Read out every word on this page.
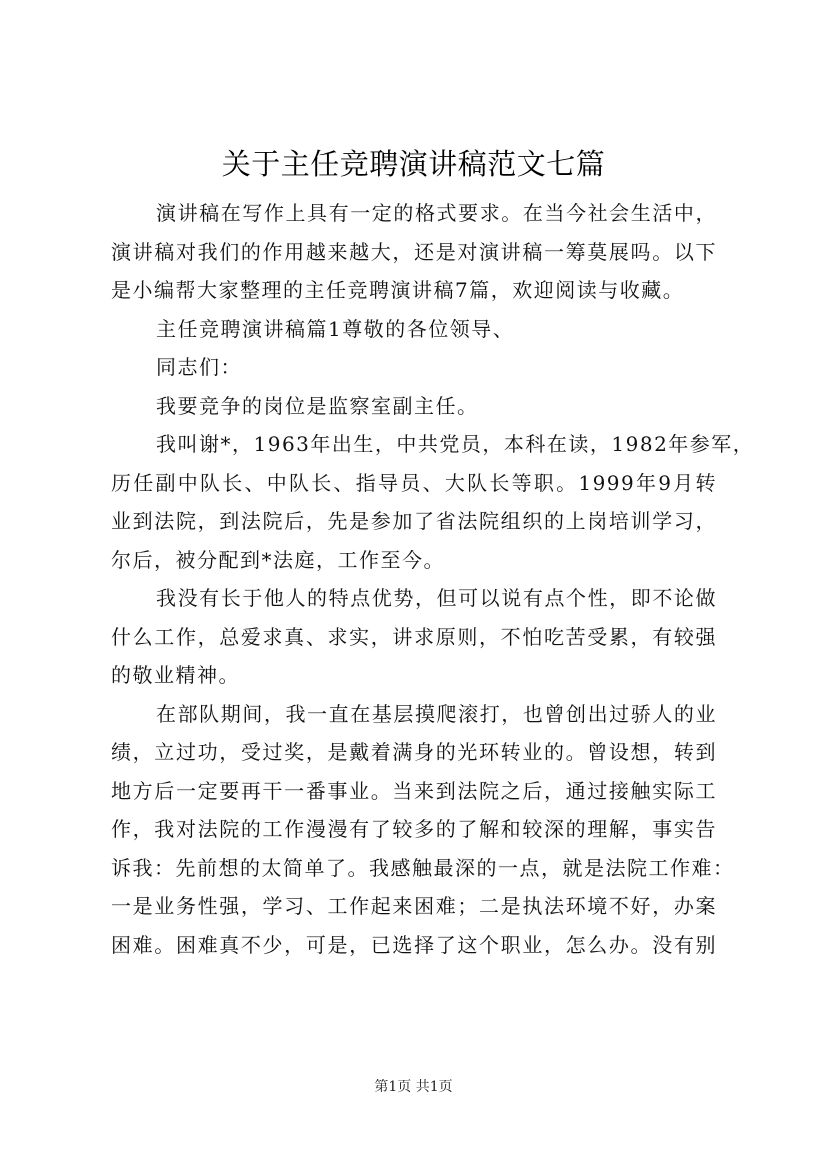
关于主任竞聘演讲稿范文七篇
演讲稿在写作上具有一定的格式要求。在当今社会生活中，
演讲稿对我们的作用越来越大，还是对演讲稿一筹莫展吗。以下
是小编帮大家整理的主任竞聘演讲稿7篇，欢迎阅读与收藏。
主任竞聘演讲稿篇1尊敬的各位领导、
同志们：
我要竞争的岗位是监察室副主任。
我叫谢*，1963年出生，中共党员，本科在读，1982年参军，
历任副中队长、中队长、指导员、大队长等职。1999年9月转
业到法院，到法院后，先是参加了省法院组织的上岗培训学习，
尔后，被分配到*法庭，工作至今。
我没有长于他人的特点优势，但可以说有点个性，即不论做
什么工作，总爱求真、求实，讲求原则，不怕吃苦受累，有较强
的敬业精神。
在部队期间，我一直在基层摸爬滚打，也曾创出过骄人的业
绩，立过功，受过奖，是戴着满身的光环转业的。曾设想，转到
地方后一定要再干一番事业。当来到法院之后，通过接触实际工
作，我对法院的工作漫漫有了较多的了解和较深的理解，事实告
诉我：先前想的太简单了。我感触最深的一点，就是法院工作难：
一是业务性强，学习、工作起来困难；二是执法环境不好，办案
困难。困难真不少，可是，已选择了这个职业，怎么办。没有别
第1页 共1页
